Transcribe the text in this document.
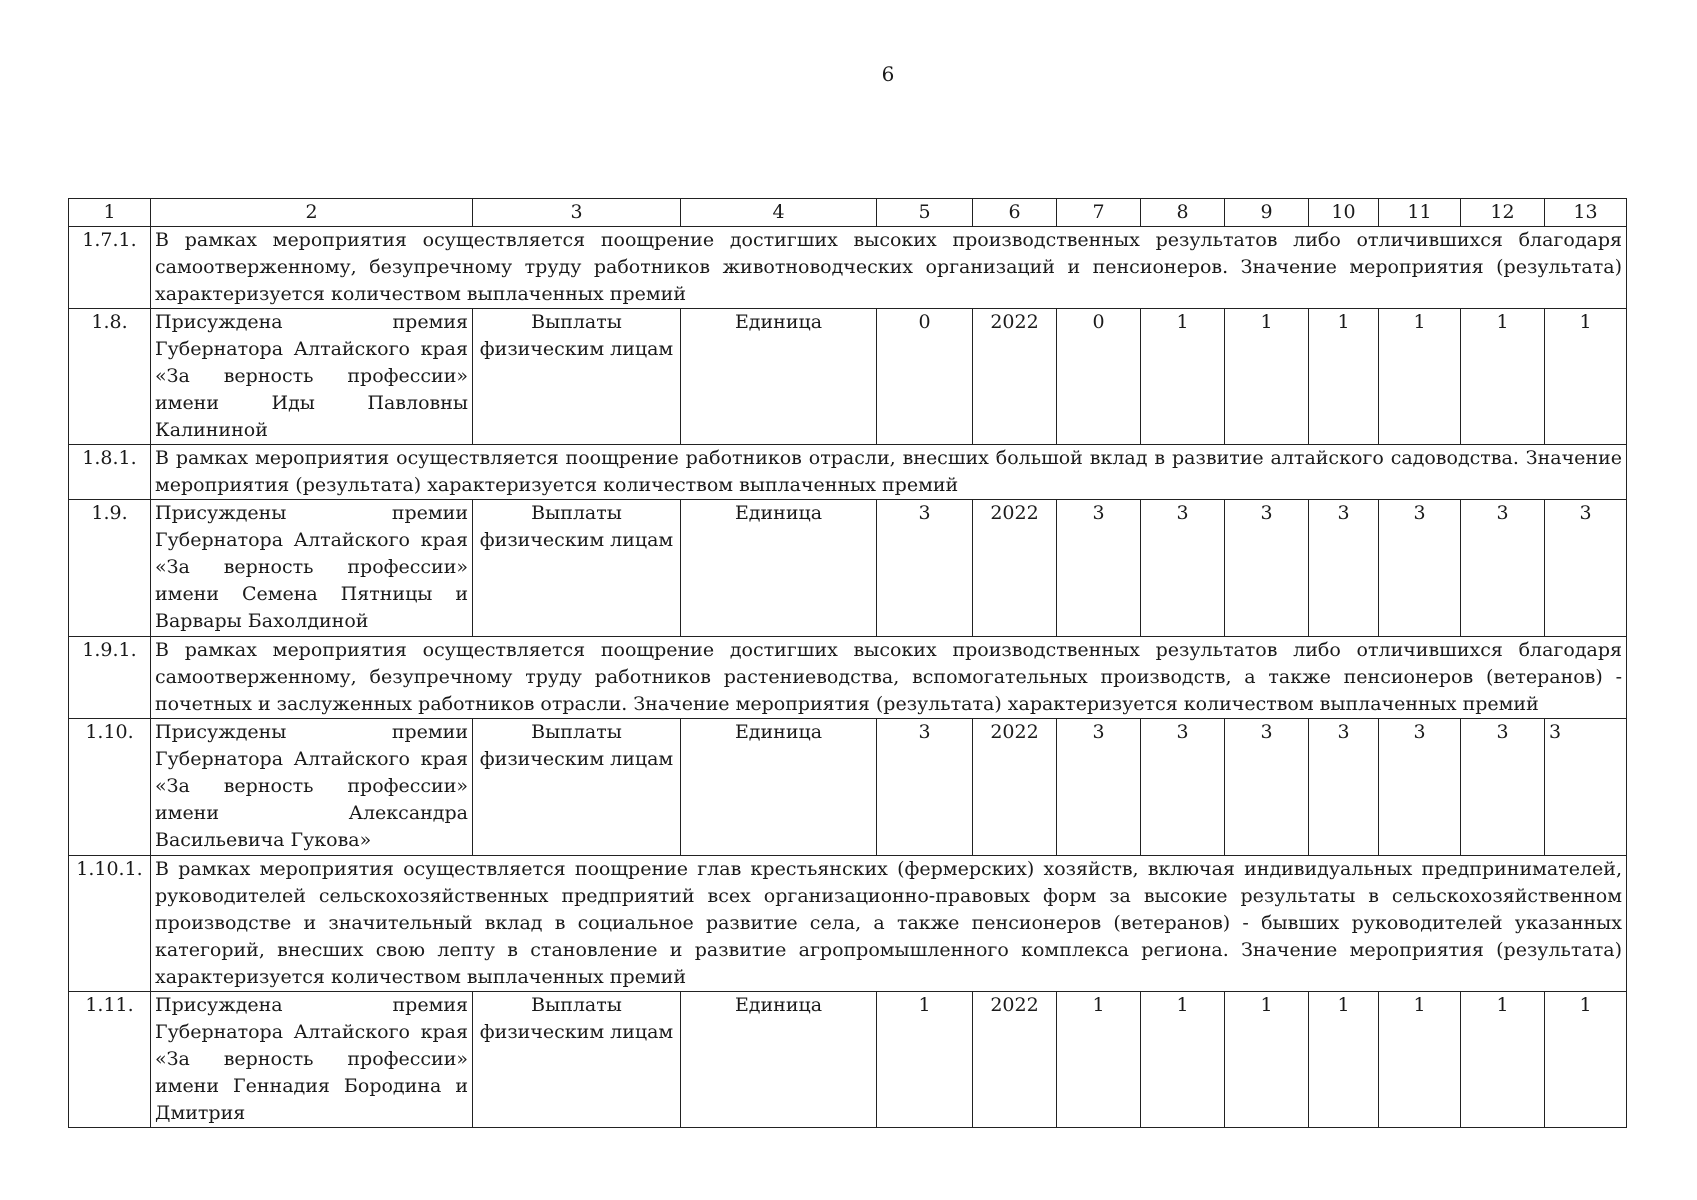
6
1	2	3	4	5	6	7	8	9	10	11	12	13
1.7.1.	В рамках мероприятия осуществляется поощрение достигших высоких производственных результатов либо отличившихся благодаря самоотверженному, безупречному труду работников животноводческих организаций и пенсионеров. Значение мероприятия (результата) характеризуется количеством выплаченных премий											
1.8.	Присуждена премия Губернатора Алтайского края «За верность профессии» имени Иды Павловны Калининой	Выплаты физическим лицам	Единица	0	2022	0	1	1	1	1	1	1
1.8.1.	В рамках мероприятия осуществляется поощрение работников отрасли, внесших большой вклад в развитие алтайского садоводства. Значение мероприятия (результата) характеризуется количеством выплаченных премий											
1.9.	Присуждены премии Губернатора Алтайского края «За верность профессии» имени Семена Пятницы и Варвары Бахолдиной	Выплаты физическим лицам	Единица	3	2022	3	3	3	3	3	3	3
1.9.1.	В рамках мероприятия осуществляется поощрение достигших высоких производственных результатов либо отличившихся благодаря самоотверженному, безупречному труду работников растениеводства, вспомогательных производств, а также пенсионеров (ветеранов) - почетных и заслуженных работников отрасли. Значение мероприятия (результата) характеризуется количеством выплаченных премий											
1.10.	Присуждены премии Губернатора Алтайского края «За верность профессии» имени Александра Васильевича Гукова»	Выплаты физическим лицам	Единица	3	2022	3	3	3	3	3	3	3
1.10.1.	В рамках мероприятия осуществляется поощрение глав крестьянских (фермерских) хозяйств, включая индивидуальных предпринимателей, руководителей сельскохозяйственных предприятий всех организационно-правовых форм за высокие результаты в сельскохозяйственном производстве и значительный вклад в социальное развитие села, а также пенсионеров (ветеранов) - бывших руководителей указанных категорий, внесших свою лепту в становление и развитие агропромышленного комплекса региона. Значение мероприятия (результата) характеризуется количеством выплаченных премий											
1.11.	Присуждена премия Губернатора Алтайского края «За верность профессии» имени Геннадия Бородина и Дмитрия	Выплаты физическим лицам	Единица	1	2022	1	1	1	1	1	1	1
